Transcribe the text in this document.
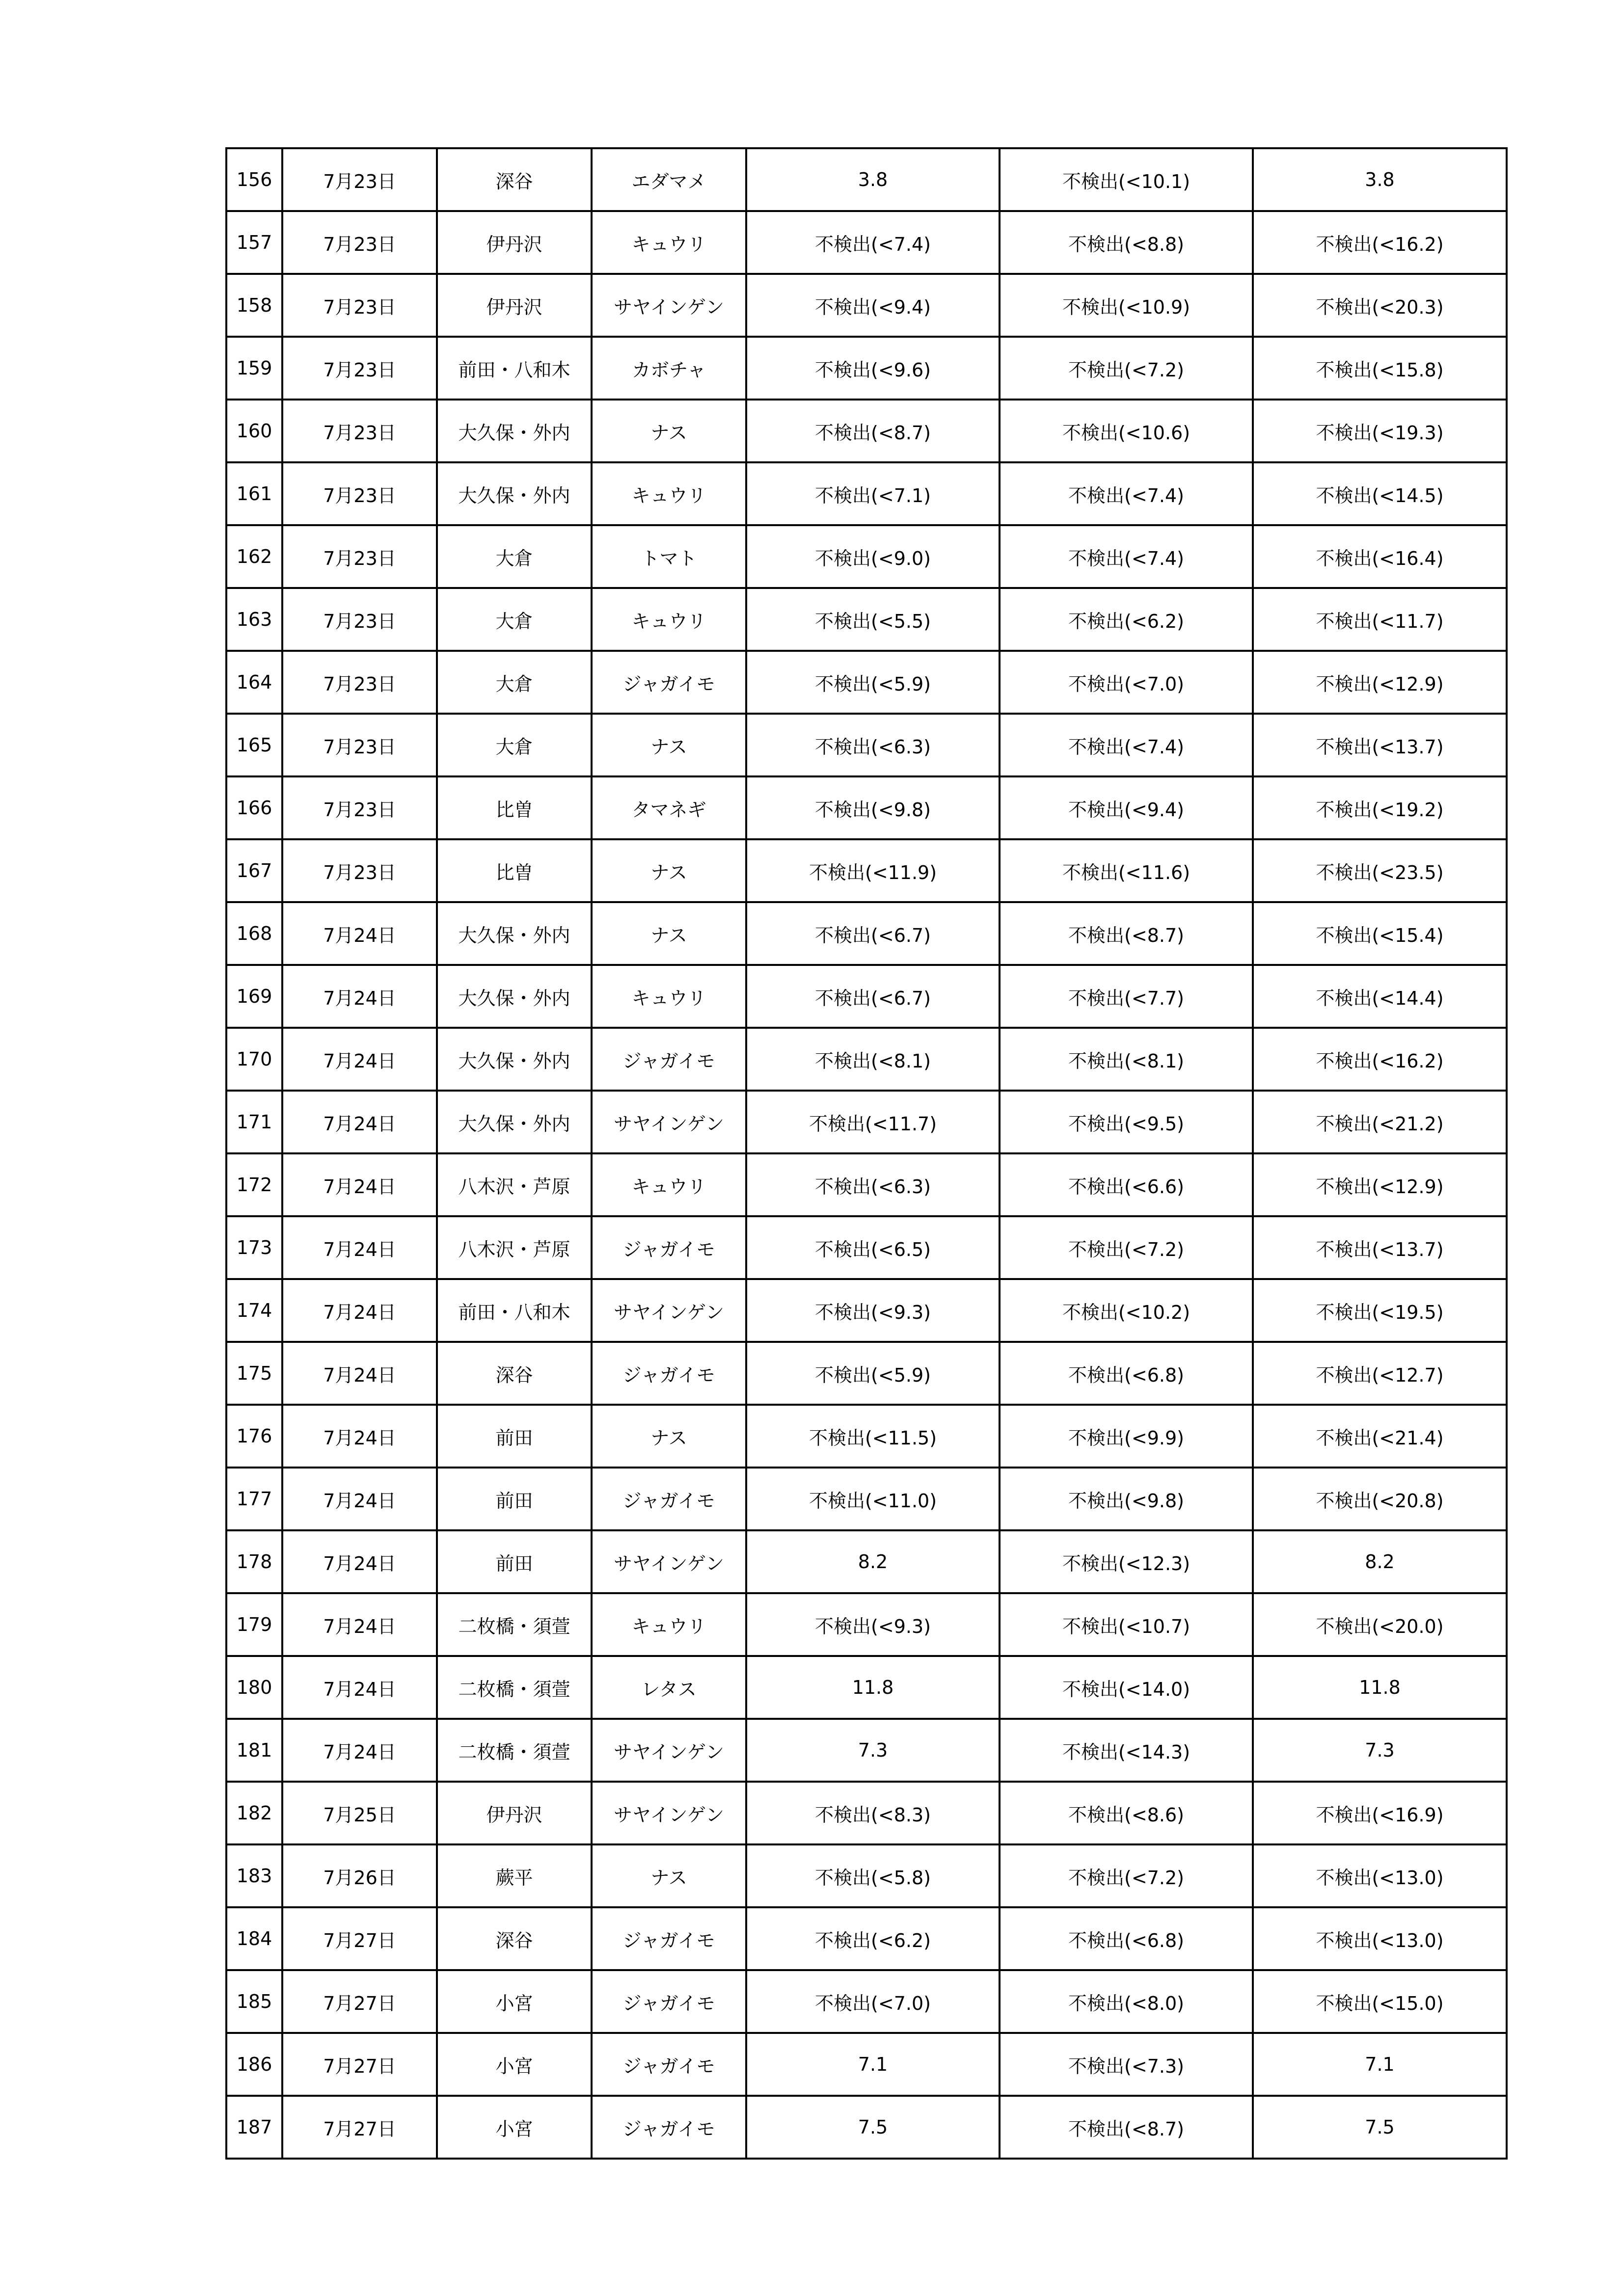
156	7月23日	深谷	エダマメ	3.8	不検出(<10.1)	3.8
157	7月23日	伊丹沢	キュウリ	不検出(<7.4)	不検出(<8.8)	不検出(<16.2)
158	7月23日	伊丹沢	サヤインゲン	不検出(<9.4)	不検出(<10.9)	不検出(<20.3)
159	7月23日	前田・八和木	カボチャ	不検出(<9.6)	不検出(<7.2)	不検出(<15.8)
160	7月23日	大久保・外内	ナス	不検出(<8.7)	不検出(<10.6)	不検出(<19.3)
161	7月23日	大久保・外内	キュウリ	不検出(<7.1)	不検出(<7.4)	不検出(<14.5)
162	7月23日	大倉	トマト	不検出(<9.0)	不検出(<7.4)	不検出(<16.4)
163	7月23日	大倉	キュウリ	不検出(<5.5)	不検出(<6.2)	不検出(<11.7)
164	7月23日	大倉	ジャガイモ	不検出(<5.9)	不検出(<7.0)	不検出(<12.9)
165	7月23日	大倉	ナス	不検出(<6.3)	不検出(<7.4)	不検出(<13.7)
166	7月23日	比曽	タマネギ	不検出(<9.8)	不検出(<9.4)	不検出(<19.2)
167	7月23日	比曽	ナス	不検出(<11.9)	不検出(<11.6)	不検出(<23.5)
168	7月24日	大久保・外内	ナス	不検出(<6.7)	不検出(<8.7)	不検出(<15.4)
169	7月24日	大久保・外内	キュウリ	不検出(<6.7)	不検出(<7.7)	不検出(<14.4)
170	7月24日	大久保・外内	ジャガイモ	不検出(<8.1)	不検出(<8.1)	不検出(<16.2)
171	7月24日	大久保・外内	サヤインゲン	不検出(<11.7)	不検出(<9.5)	不検出(<21.2)
172	7月24日	八木沢・芦原	キュウリ	不検出(<6.3)	不検出(<6.6)	不検出(<12.9)
173	7月24日	八木沢・芦原	ジャガイモ	不検出(<6.5)	不検出(<7.2)	不検出(<13.7)
174	7月24日	前田・八和木	サヤインゲン	不検出(<9.3)	不検出(<10.2)	不検出(<19.5)
175	7月24日	深谷	ジャガイモ	不検出(<5.9)	不検出(<6.8)	不検出(<12.7)
176	7月24日	前田	ナス	不検出(<11.5)	不検出(<9.9)	不検出(<21.4)
177	7月24日	前田	ジャガイモ	不検出(<11.0)	不検出(<9.8)	不検出(<20.8)
178	7月24日	前田	サヤインゲン	8.2	不検出(<12.3)	8.2
179	7月24日	二枚橋・須萱	キュウリ	不検出(<9.3)	不検出(<10.7)	不検出(<20.0)
180	7月24日	二枚橋・須萱	レタス	11.8	不検出(<14.0)	11.8
181	7月24日	二枚橋・須萱	サヤインゲン	7.3	不検出(<14.3)	7.3
182	7月25日	伊丹沢	サヤインゲン	不検出(<8.3)	不検出(<8.6)	不検出(<16.9)
183	7月26日	蕨平	ナス	不検出(<5.8)	不検出(<7.2)	不検出(<13.0)
184	7月27日	深谷	ジャガイモ	不検出(<6.2)	不検出(<6.8)	不検出(<13.0)
185	7月27日	小宮	ジャガイモ	不検出(<7.0)	不検出(<8.0)	不検出(<15.0)
186	7月27日	小宮	ジャガイモ	7.1	不検出(<7.3)	7.1
187	7月27日	小宮	ジャガイモ	7.5	不検出(<8.7)	7.5
